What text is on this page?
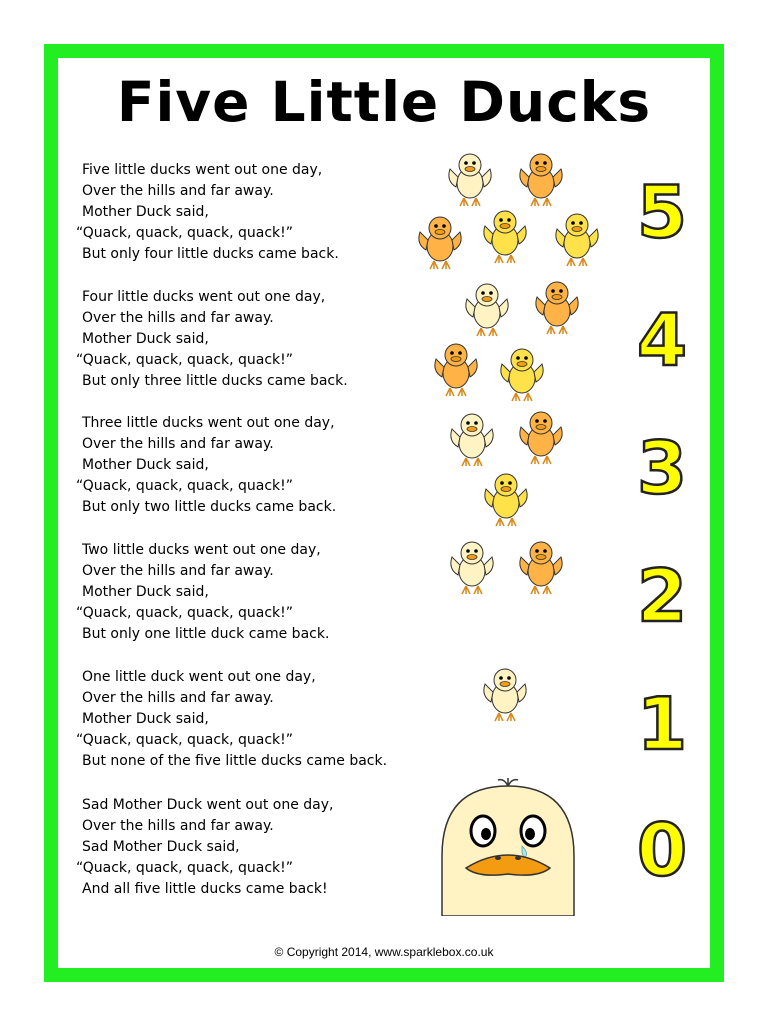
Five Little Ducks
Five little ducks went out one day,
Over the hills and far away.
Mother Duck said,
“Quack, quack, quack, quack!”
But only four little ducks came back.
Four little ducks went out one day,
Over the hills and far away.
Mother Duck said,
“Quack, quack, quack, quack!”
But only three little ducks came back.
Three little ducks went out one day,
Over the hills and far away.
Mother Duck said,
“Quack, quack, quack, quack!”
But only two little ducks came back.
Two little ducks went out one day,
Over the hills and far away.
Mother Duck said,
“Quack, quack, quack, quack!”
But only one little duck came back.
One little duck went out one day,
Over the hills and far away.
Mother Duck said,
“Quack, quack, quack, quack!”
But none of the five little ducks came back.
Sad Mother Duck went out one day,
Over the hills and far away.
Sad Mother Duck said,
“Quack, quack, quack, quack!”
And all five little ducks came back!
© Copyright 2014, www.sparklebox.co.uk
5
4
3
2
1
0
